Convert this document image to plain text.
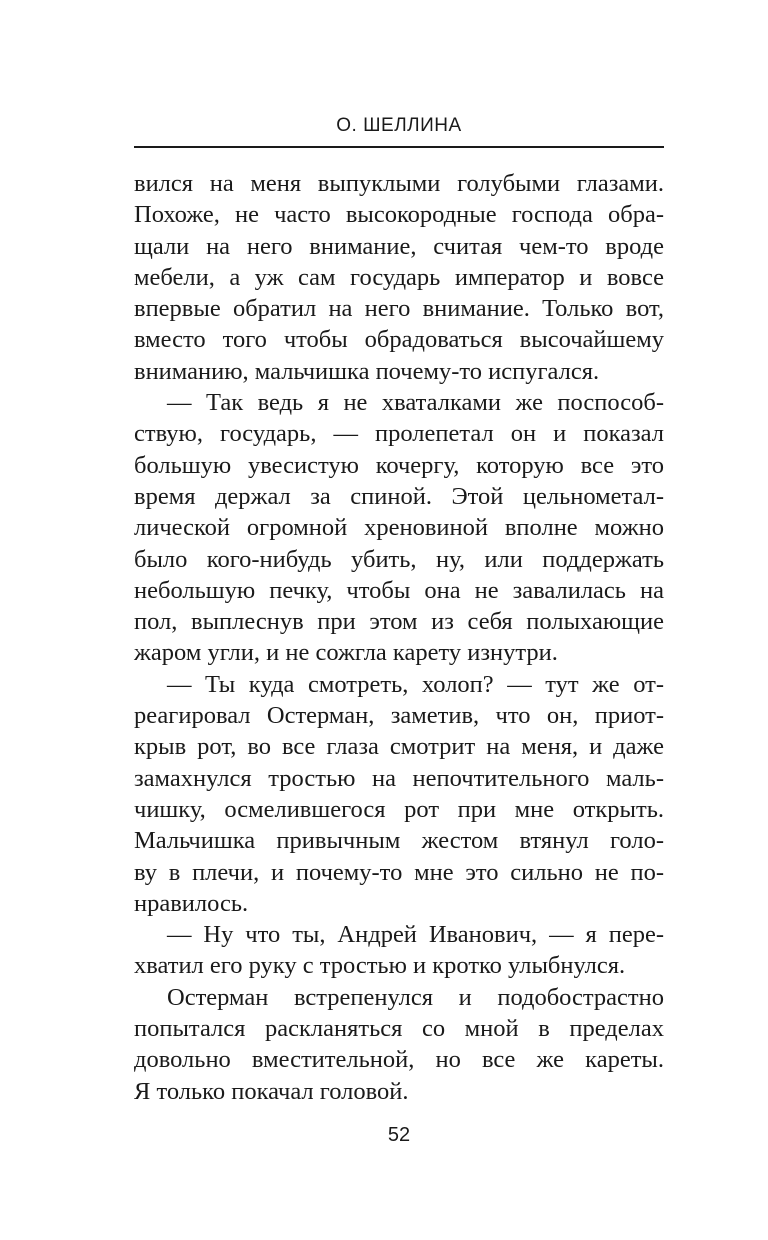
О. ШЕЛЛИНА
вился на меня выпуклыми голубыми глазами.
Похоже, не часто высокородные господа обра-
щали на него внимание, считая чем-то вроде
мебели, а уж сам государь император и вовсе
впервые обратил на него внимание. Только вот,
вместо того чтобы обрадоваться высочайшему
вниманию, мальчишка почему-то испугался.
— Так ведь я не хваталками же поспособ-
ствую, государь, — пролепетал он и показал
большую увесистую кочергу, которую все это
время держал за спиной. Этой цельнометал-
лической огромной хреновиной вполне можно
было кого-нибудь убить, ну, или поддержать
небольшую печку, чтобы она не завалилась на
пол, выплеснув при этом из себя полыхающие
жаром угли, и не сожгла карету изнутри.
— Ты куда смотреть, холоп? — тут же от-
реагировал Остерман, заметив, что он, приот-
крыв рот, во все глаза смотрит на меня, и даже
замахнулся тростью на непочтительного маль-
чишку, осмелившегося рот при мне открыть.
Мальчишка привычным жестом втянул голо-
ву в плечи, и почему-то мне это сильно не по-
нравилось.
— Ну что ты, Андрей Иванович, — я пере-
хватил его руку с тростью и кротко улыбнулся.
Остерман встрепенулся и подобострастно
попытался раскланяться со мной в пределах
довольно вместительной, но все же кареты.
Я только покачал головой.
52
